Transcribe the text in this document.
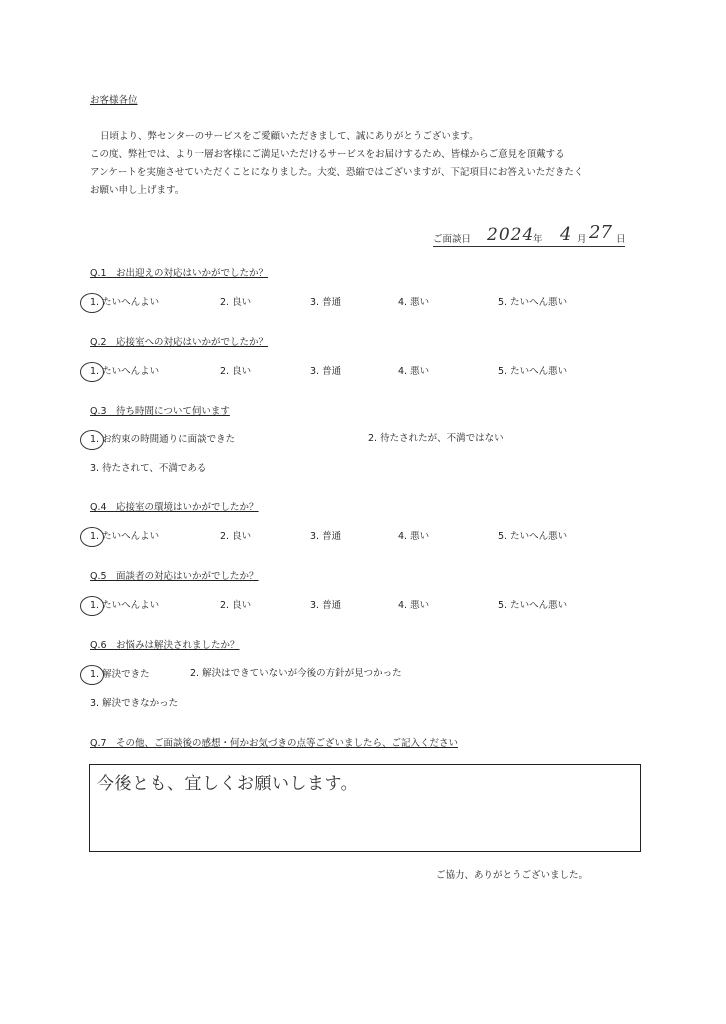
お客様各位
日頃より、弊センターのサービスをご愛顧いただきまして、誠にありがとうございます。
この度、弊社では、より一層お客様にご満足いただけるサービスをお届けするため、皆様からご意見を頂戴する
アンケートを実施させていただくことになりました。大変、恐縮ではございますが、下記項目にお答えいただきたく
お願い申し上げます。
ご面談日 2024
年 4 月 27 日
Q.1　お出迎えの対応はいかがでしたか？
1. たいへんよい	2. 良い	3. 普通	4. 悪い	5. たいへん悪い
Q.2　応接室への対応はいかがでしたか？
1. たいへんよい	2. 良い	3. 普通	4. 悪い	5. たいへん悪い
Q.3　待ち時間について伺います
1. お約束の時間通りに面談できた	2. 待たされたが、不満ではない
3. 待たされて、不満である
Q.4　応接室の環境はいかがでしたか？
1. たいへんよい	2. 良い	3. 普通	4. 悪い	5. たいへん悪い
Q.5　面談者の対応はいかがでしたか？
1. たいへんよい	2. 良い	3. 普通	4. 悪い	5. たいへん悪い
Q.6　お悩みは解決されましたか？
1. 解決できた	2. 解決はできていないが今後の方針が見つかった
3. 解決できなかった
Q.7　その他、ご面談後の感想・何かお気づきの点等ございましたら、ご記入ください
今後とも、宜しくお願いします。
ご協力、ありがとうございました。
